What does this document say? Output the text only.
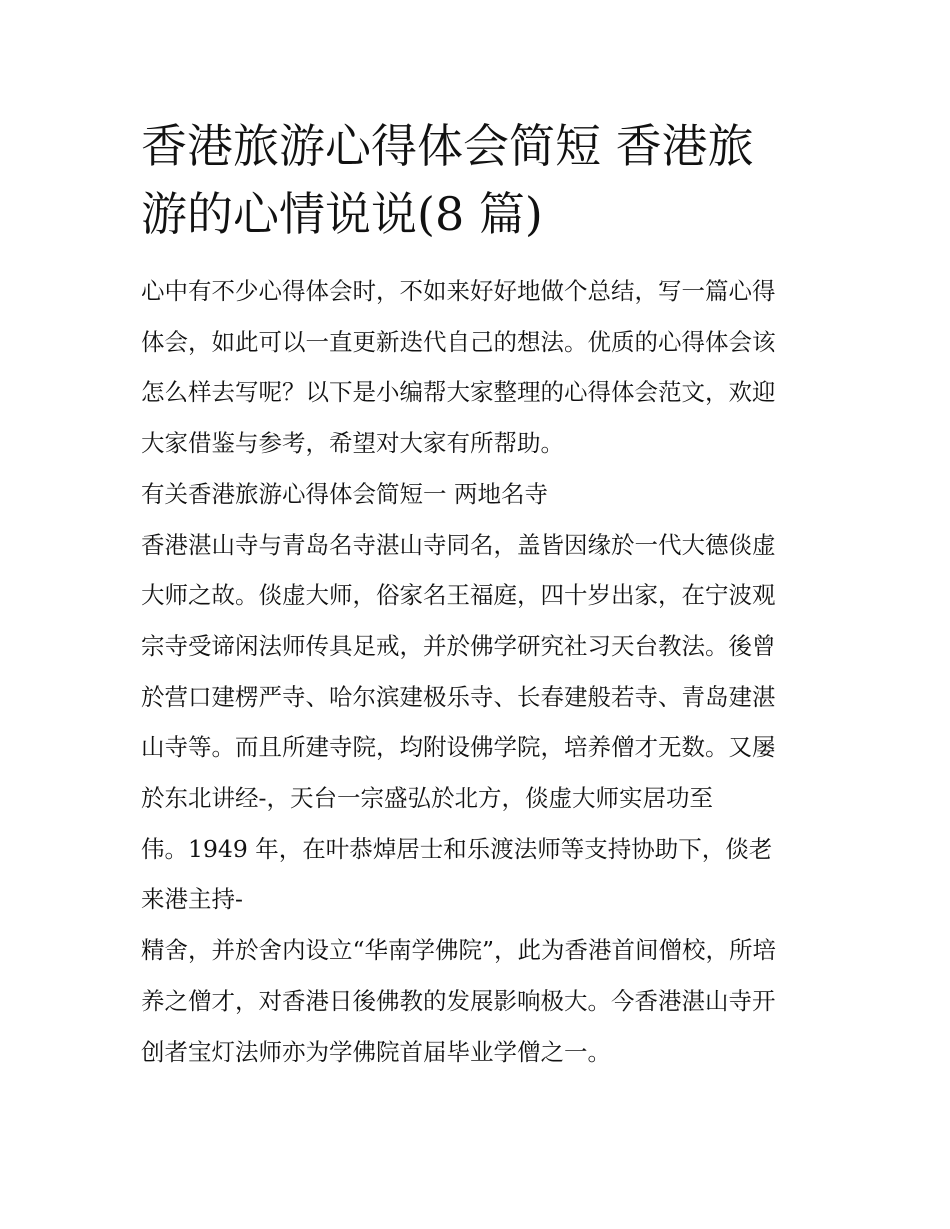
香港旅游心得体会简短 香港旅
游的心情说说(8 篇)

心中有不少心得体会时，不如来好好地做个总结，写一篇心得
体会，如此可以一直更新迭代自己的想法。优质的心得体会该
怎么样去写呢？以下是小编帮大家整理的心得体会范文，欢迎
大家借鉴与参考，希望对大家有所帮助。

有关香港旅游心得体会简短一 两地名寺

香港湛山寺与青岛名寺湛山寺同名，盖皆因缘於一代大德倓虚
大师之故。倓虚大师，俗家名王福庭，四十岁出家，在宁波观
宗寺受谛闲法师传具足戒，并於佛学研究社习天台教法。後曾
於营口建楞严寺、哈尔滨建极乐寺、长春建般若寺、青岛建湛
山寺等。而且所建寺院，均附设佛学院，培养僧才无数。又屡
於东北讲经-，天台一宗盛弘於北方，倓虚大师实居功至
伟。1949 年，在叶恭焯居士和乐渡法师等支持协助下，倓老
来港主持-
精舍，并於舍内设立“华南学佛院”，此为香港首间僧校，所培
养之僧才，对香港日後佛教的发展影响极大。今香港湛山寺开
创者宝灯法师亦为学佛院首届毕业学僧之一。
